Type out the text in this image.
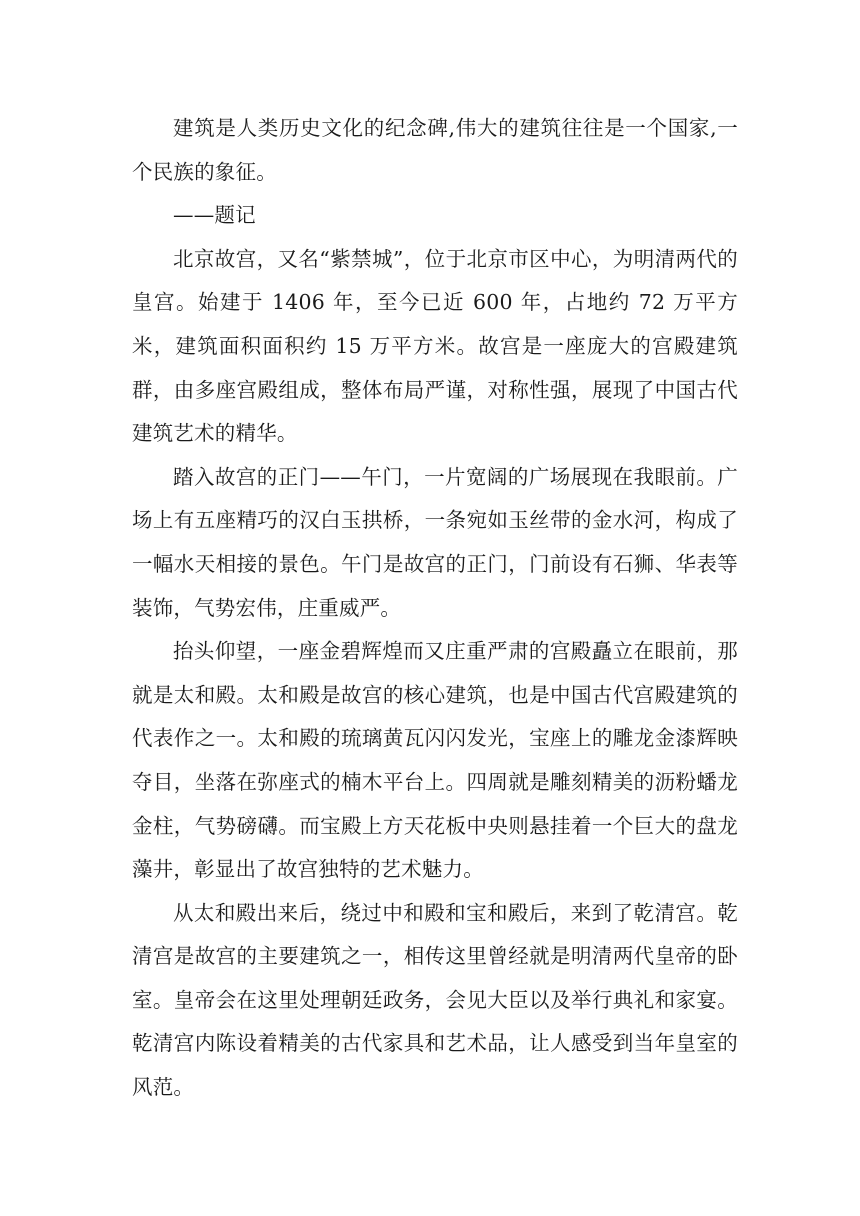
建筑是人类历史文化的纪念碑,伟大的建筑往往是一个国家,一个民族的象征。

——题记

北京故宫，又名“紫禁城”，位于北京市区中心，为明清两代的皇宫。始建于 1406 年，至今已近 600 年，占地约 72 万平方米，建筑面积面积约 15 万平方米。故宫是一座庞大的宫殿建筑群，由多座宫殿组成，整体布局严谨，对称性强，展现了中国古代建筑艺术的精华。

踏入故宫的正门——午门，一片宽阔的广场展现在我眼前。广场上有五座精巧的汉白玉拱桥，一条宛如玉丝带的金水河，构成了一幅水天相接的景色。午门是故宫的正门，门前设有石狮、华表等装饰，气势宏伟，庄重威严。

抬头仰望，一座金碧辉煌而又庄重严肃的宫殿矗立在眼前，那就是太和殿。太和殿是故宫的核心建筑，也是中国古代宫殿建筑的代表作之一。太和殿的琉璃黄瓦闪闪发光，宝座上的雕龙金漆辉映夺目，坐落在弥座式的楠木平台上。四周就是雕刻精美的沥粉蟠龙金柱，气势磅礴。而宝殿上方天花板中央则悬挂着一个巨大的盘龙藻井，彰显出了故宫独特的艺术魅力。

从太和殿出来后，绕过中和殿和宝和殿后，来到了乾清宫。乾清宫是故宫的主要建筑之一，相传这里曾经就是明清两代皇帝的卧室。皇帝会在这里处理朝廷政务，会见大臣以及举行典礼和家宴。乾清宫内陈设着精美的古代家具和艺术品，让人感受到当年皇室的风范。
